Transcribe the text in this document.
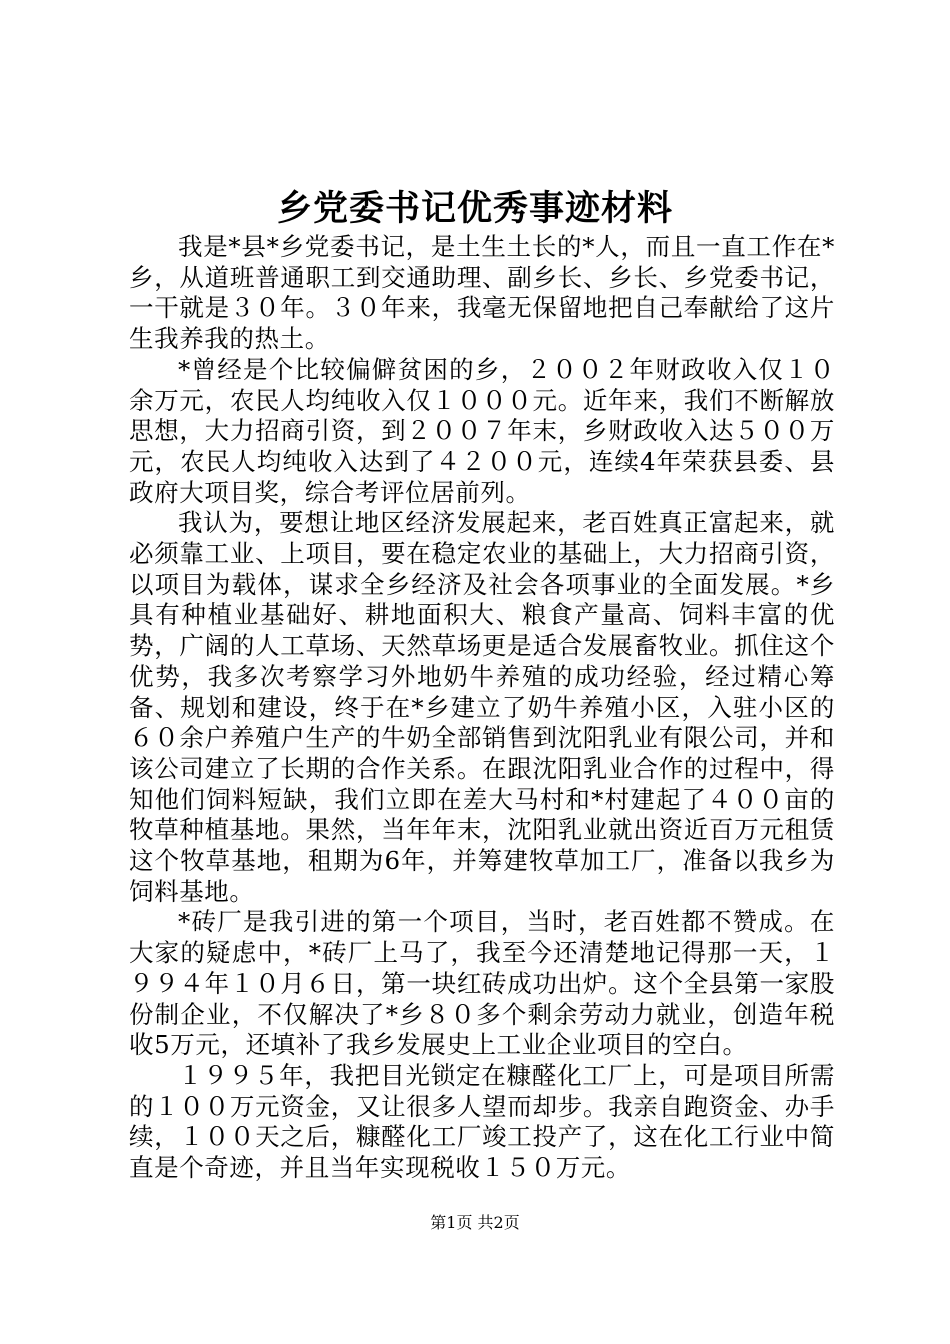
乡党委书记优秀事迹材料

我是*县*乡党委书记，是土生土长的*人，而且一直工作在*乡，从道班普通职工到交通助理、副乡长、乡长、乡党委书记，一干就是３０年。３０年来，我毫无保留地把自己奉献给了这片生我养我的热土。

*曾经是个比较偏僻贫困的乡，２００２年财政收入仅１０余万元，农民人均纯收入仅１０００元。近年来，我们不断解放思想，大力招商引资，到２００７年末，乡财政收入达５００万元，农民人均纯收入达到了４２００元，连续4年荣获县委、县政府大项目奖，综合考评位居前列。

我认为，要想让地区经济发展起来，老百姓真正富起来，就必须靠工业、上项目，要在稳定农业的基础上，大力招商引资，以项目为载体，谋求全乡经济及社会各项事业的全面发展。*乡具有种植业基础好、耕地面积大、粮食产量高、饲料丰富的优势，广阔的人工草场、天然草场更是适合发展畜牧业。抓住这个优势，我多次考察学习外地奶牛养殖的成功经验，经过精心筹备、规划和建设，终于在*乡建立了奶牛养殖小区，入驻小区的６０余户养殖户生产的牛奶全部销售到沈阳乳业有限公司，并和该公司建立了长期的合作关系。在跟沈阳乳业合作的过程中，得知他们饲料短缺，我们立即在差大马村和*村建起了４００亩的牧草种植基地。果然，当年年末，沈阳乳业就出资近百万元租赁这个牧草基地，租期为6年，并筹建牧草加工厂，准备以我乡为饲料基地。

*砖厂是我引进的第一个项目，当时，老百姓都不赞成。在大家的疑虑中，*砖厂上马了，我至今还清楚地记得那一天，１９９４年１０月６日，第一块红砖成功出炉。这个全县第一家股份制企业，不仅解决了*乡８０多个剩余劳动力就业，创造年税收5万元，还填补了我乡发展史上工业企业项目的空白。

１９９５年，我把目光锁定在糠醛化工厂上，可是项目所需的１００万元资金，又让很多人望而却步。我亲自跑资金、办手续，１００天之后，糠醛化工厂竣工投产了，这在化工行业中简直是个奇迹，并且当年实现税收１５０万元。

第1页 共2页
